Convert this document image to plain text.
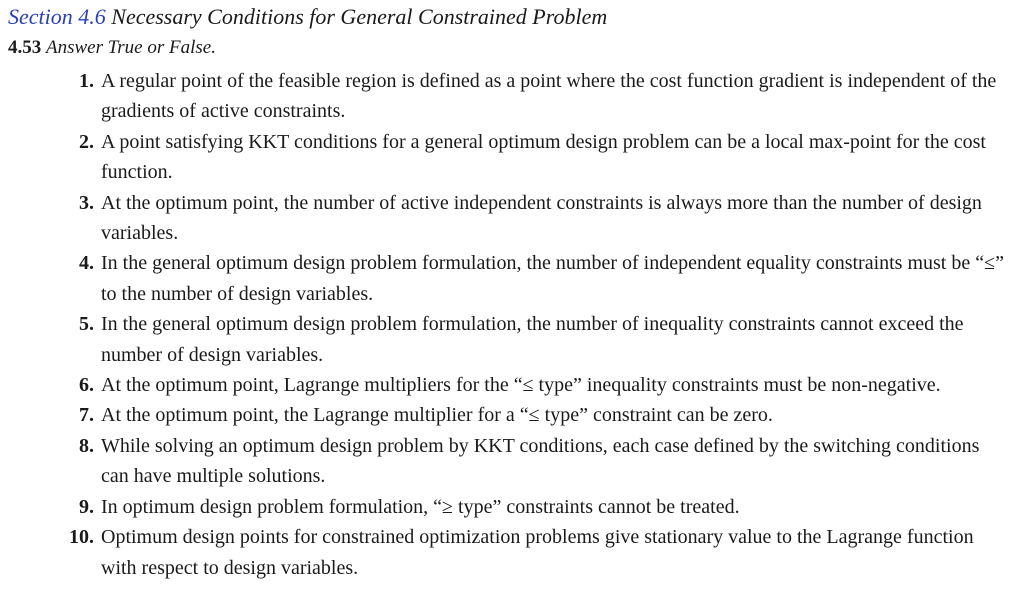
Section 4.6 Necessary Conditions for General Constrained Problem
4.53 Answer True or False.
1. A regular point of the feasible region is defined as a point where the cost function gradient is independent of the gradients of active constraints.
2. A point satisfying KKT conditions for a general optimum design problem can be a local max-point for the cost function.
3. At the optimum point, the number of active independent constraints is always more than the number of design variables.
4. In the general optimum design problem formulation, the number of independent equality constraints must be “≤” to the number of design variables.
5. In the general optimum design problem formulation, the number of inequality constraints cannot exceed the number of design variables.
6. At the optimum point, Lagrange multipliers for the “≤ type” inequality constraints must be non-negative.
7. At the optimum point, the Lagrange multiplier for a “≤ type” constraint can be zero.
8. While solving an optimum design problem by KKT conditions, each case defined by the switching conditions can have multiple solutions.
9. In optimum design problem formulation, “≥ type” constraints cannot be treated.
10. Optimum design points for constrained optimization problems give stationary value to the Lagrange function with respect to design variables.
